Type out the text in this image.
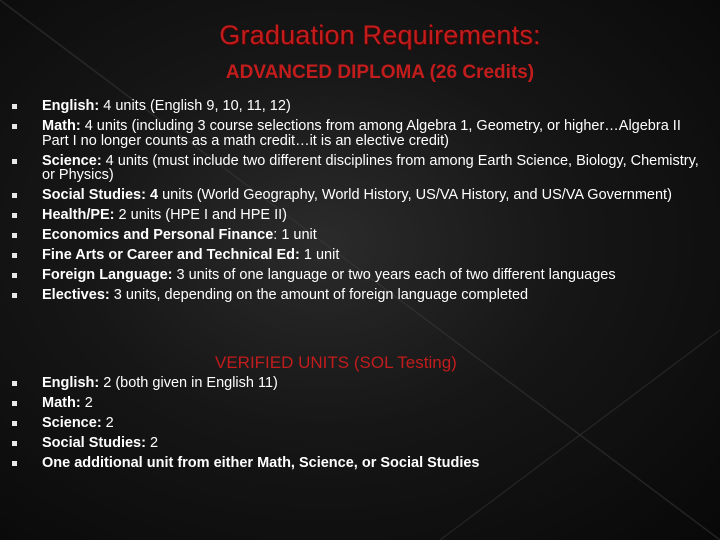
Graduation Requirements:
ADVANCED DIPLOMA (26 Credits)
English: 4 units (English 9, 10, 11, 12)
Math: 4 units (including 3 course selections from among Algebra 1, Geometry, or higher…Algebra II Part I no longer counts as a math credit…it is an elective credit)
Science: 4 units (must include two different disciplines from among Earth Science, Biology, Chemistry, or Physics)
Social Studies: 4 units (World Geography, World History, US/VA History, and US/VA Government)
Health/PE: 2 units (HPE I and HPE II)
Economics and Personal Finance: 1 unit
Fine Arts or Career and Technical Ed: 1 unit
Foreign Language: 3 units of one language or two years each of two different languages
Electives: 3 units, depending on the amount of foreign language completed
VERIFIED UNITS (SOL Testing)
English: 2 (both given in English 11)
Math: 2
Science: 2
Social Studies: 2
One additional unit from either Math, Science, or Social Studies
